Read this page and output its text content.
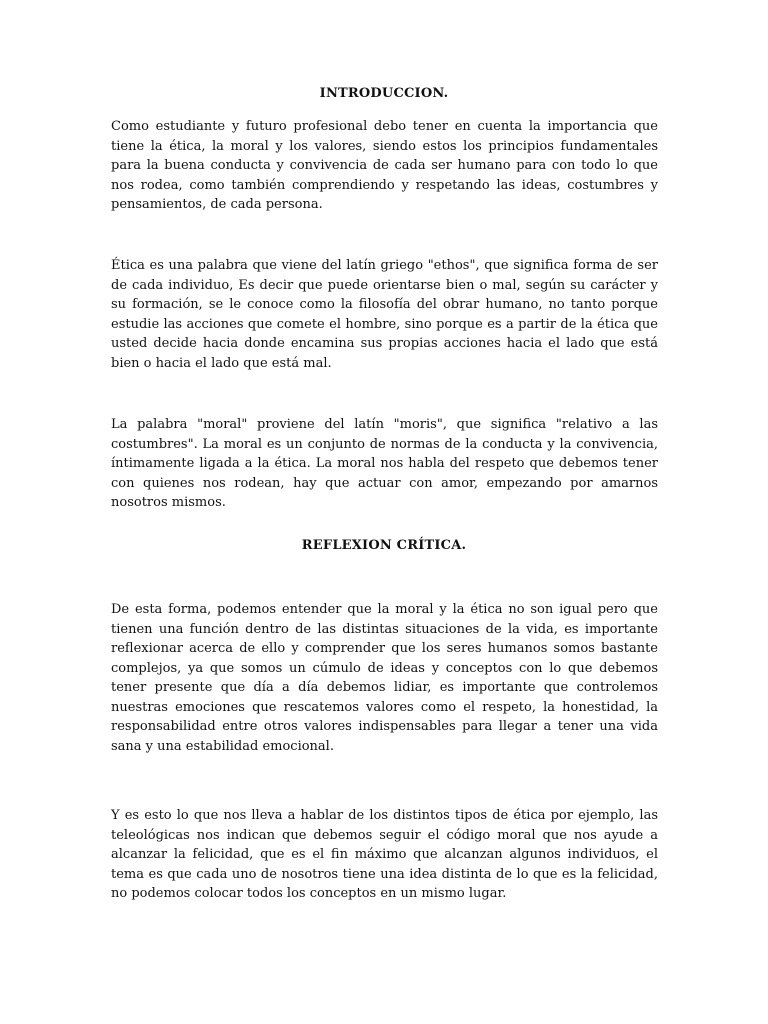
INTRODUCCION.

Como estudiante y futuro profesional debo tener en cuenta la importancia que tiene la ética, la moral y los valores, siendo estos los principios fundamentales para la buena conducta y convivencia de cada ser humano para con todo lo que nos rodea, como también comprendiendo y respetando las ideas, costumbres y pensamientos, de cada persona.

Ética es una palabra que viene del latín griego "ethos", que significa forma de ser de cada individuo, Es decir que puede orientarse bien o mal, según su carácter y su formación, se le conoce como la filosofía del obrar humano, no tanto porque estudie las acciones que comete el hombre, sino porque es a partir de la ética que usted decide hacia donde encamina sus propias acciones hacia el lado que está bien o hacia el lado que está mal.

La palabra "moral" proviene del latín "moris", que significa "relativo a las costumbres". La moral es un conjunto de normas de la conducta y la convivencia, íntimamente ligada a la ética. La moral nos habla del respeto que debemos tener con quienes nos rodean, hay que actuar con amor, empezando por amarnos nosotros mismos.

REFLEXION CRÍTICA.

De esta forma, podemos entender que la moral y la ética no son igual pero que tienen una función dentro de las distintas situaciones de la vida, es importante reflexionar acerca de ello y comprender que los seres humanos somos bastante complejos, ya que somos un cúmulo de ideas y conceptos con lo que debemos tener presente que día a día debemos lidiar, es importante que controlemos nuestras emociones que rescatemos valores como el respeto, la honestidad, la responsabilidad entre otros valores indispensables para llegar a tener una vida sana y una estabilidad emocional.

Y es esto lo que nos lleva a hablar de los distintos tipos de ética por ejemplo, las teleológicas nos indican que debemos seguir el código moral que nos ayude a alcanzar la felicidad, que es el fin máximo que alcanzan algunos individuos, el tema es que cada uno de nosotros tiene una idea distinta de lo que es la felicidad, no podemos colocar todos los conceptos en un mismo lugar.
